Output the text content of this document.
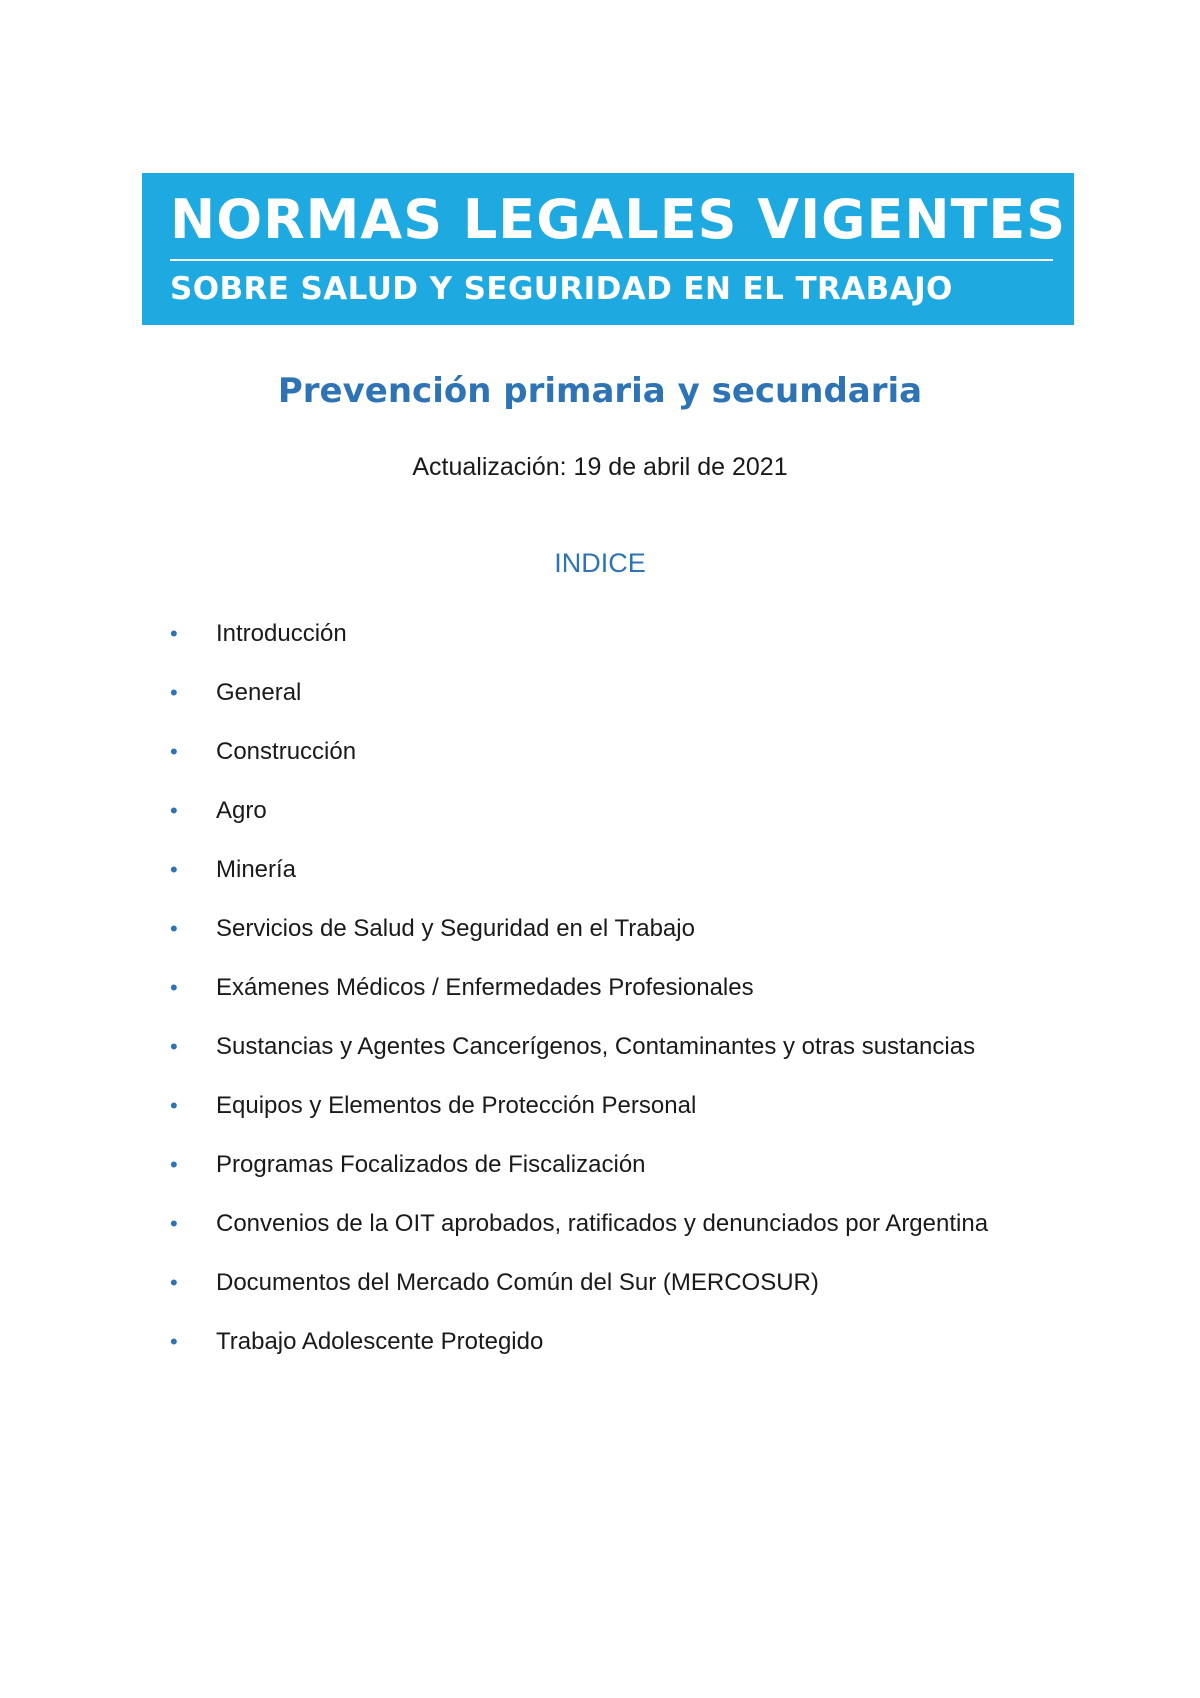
NORMAS LEGALES VIGENTES
SOBRE SALUD Y SEGURIDAD EN EL TRABAJO
Prevención primaria y secundaria
Actualización: 19 de abril de 2021
INDICE
• Introducción
• General
• Construcción
• Agro
• Minería
• Servicios de Salud y Seguridad en el Trabajo
• Exámenes Médicos / Enfermedades Profesionales
• Sustancias y Agentes Cancerígenos, Contaminantes y otras sustancias
• Equipos y Elementos de Protección Personal
• Programas Focalizados de Fiscalización
• Convenios de la OIT aprobados, ratificados y denunciados por Argentina
• Documentos del Mercado Común del Sur (MERCOSUR)
• Trabajo Adolescente Protegido
